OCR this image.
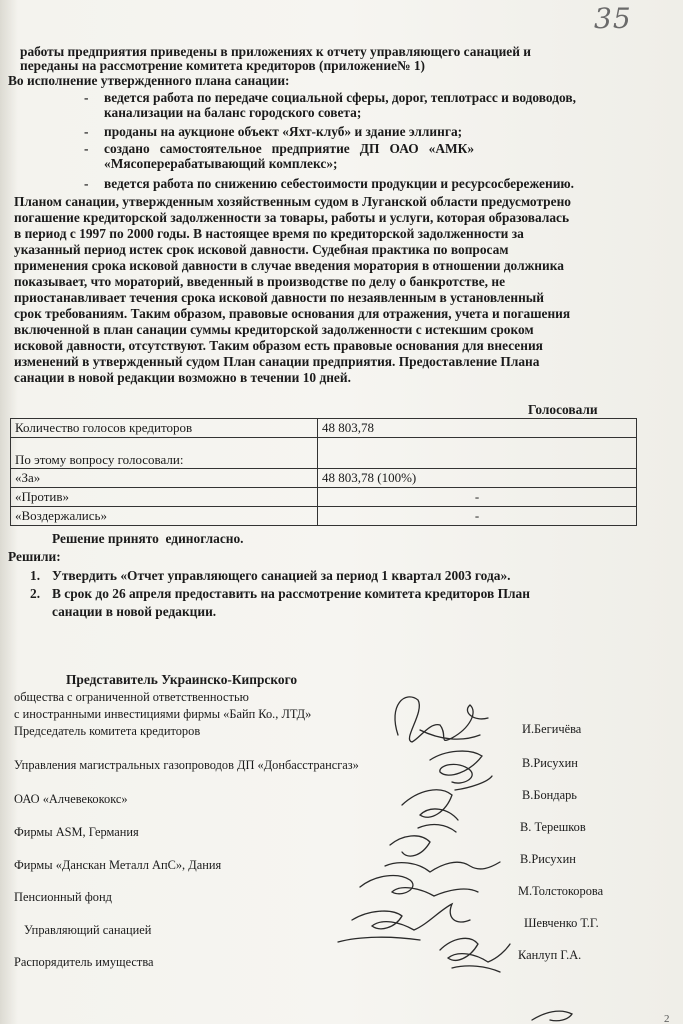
35
работы предприятия приведены в приложениях к отчету управляющего санацией и
переданы на рассмотрение комитета кредиторов (приложение№ 1)
Во исполнение утвержденного плана санации:
- ведется работа по передаче социальной сферы, дорог, теплотрасс и водоводов,
канализации на баланс городского совета;
- проданы на аукционе объект «Яхт-клуб» и здание эллинга;
- создано   самостоятельное   предприятие   ДП   ОАО   «АМК»
«Мясоперерабатывающий комплекс»;
- ведется работа по снижению себестоимости продукции и ресурсосбережению.
Планом санации, утвержденным хозяйственным судом в Луганской области предусмотрено
погашение кредиторской задолженности за товары, работы и услуги, которая образовалась
в период с 1997 по 2000 годы. В настоящее время по кредиторской задолженности за
указанный период истек срок исковой давности. Судебная практика по вопросам
применения срока исковой давности в случае введения моратория в отношении должника
показывает, что мораторий, введенный в производстве по делу о банкротстве, не
приостанавливает течения срока исковой давности по незаявленным в установленный
срок требованиям. Таким образом, правовые основания для отражения, учета и погашения
включенной в план санации суммы кредиторской задолженности с истекшим сроком
исковой давности, отсутствуют. Таким образом есть правовые основания для внесения
изменений в утвержденный судом План санации предприятия. Предоставление Плана
санации в новой редакции возможно в течении 10 дней.
Голосовали
Количество голосов кредиторов	48 803,78
По этому вопросу голосовали:	
«За»	48 803,78 (100%)
«Против»	-
«Воздержались»	-
Решение принято  единогласно.
Решили:
1. Утвердить «Отчет управляющего санацией за период 1 квартал 2003 года».
2. В срок до 26 апреля предоставить на рассмотрение комитета кредиторов План
санации в новой редакции.
Представитель Украинско-Кипрского
общества с ограниченной ответственностью
с иностранными инвестициями фирмы «Байп Ко., ЛТД»
Председатель комитета кредиторов	И.Бегичёва
Управления магистральных газопроводов ДП «Донбасстрансгаз»	В.Рисухин
ОАО «Алчевекококс»	В.Бондарь
Фирмы ASM, Германия	В. Терешков
Фирмы «Данскан Металл АпС», Дания	В.Рисухин
Пенсионный фонд	М.Толстокорова
Управляющий санацией	Шевченко Т.Г.
Распорядитель имущества	Канлуп Г.А.
2
